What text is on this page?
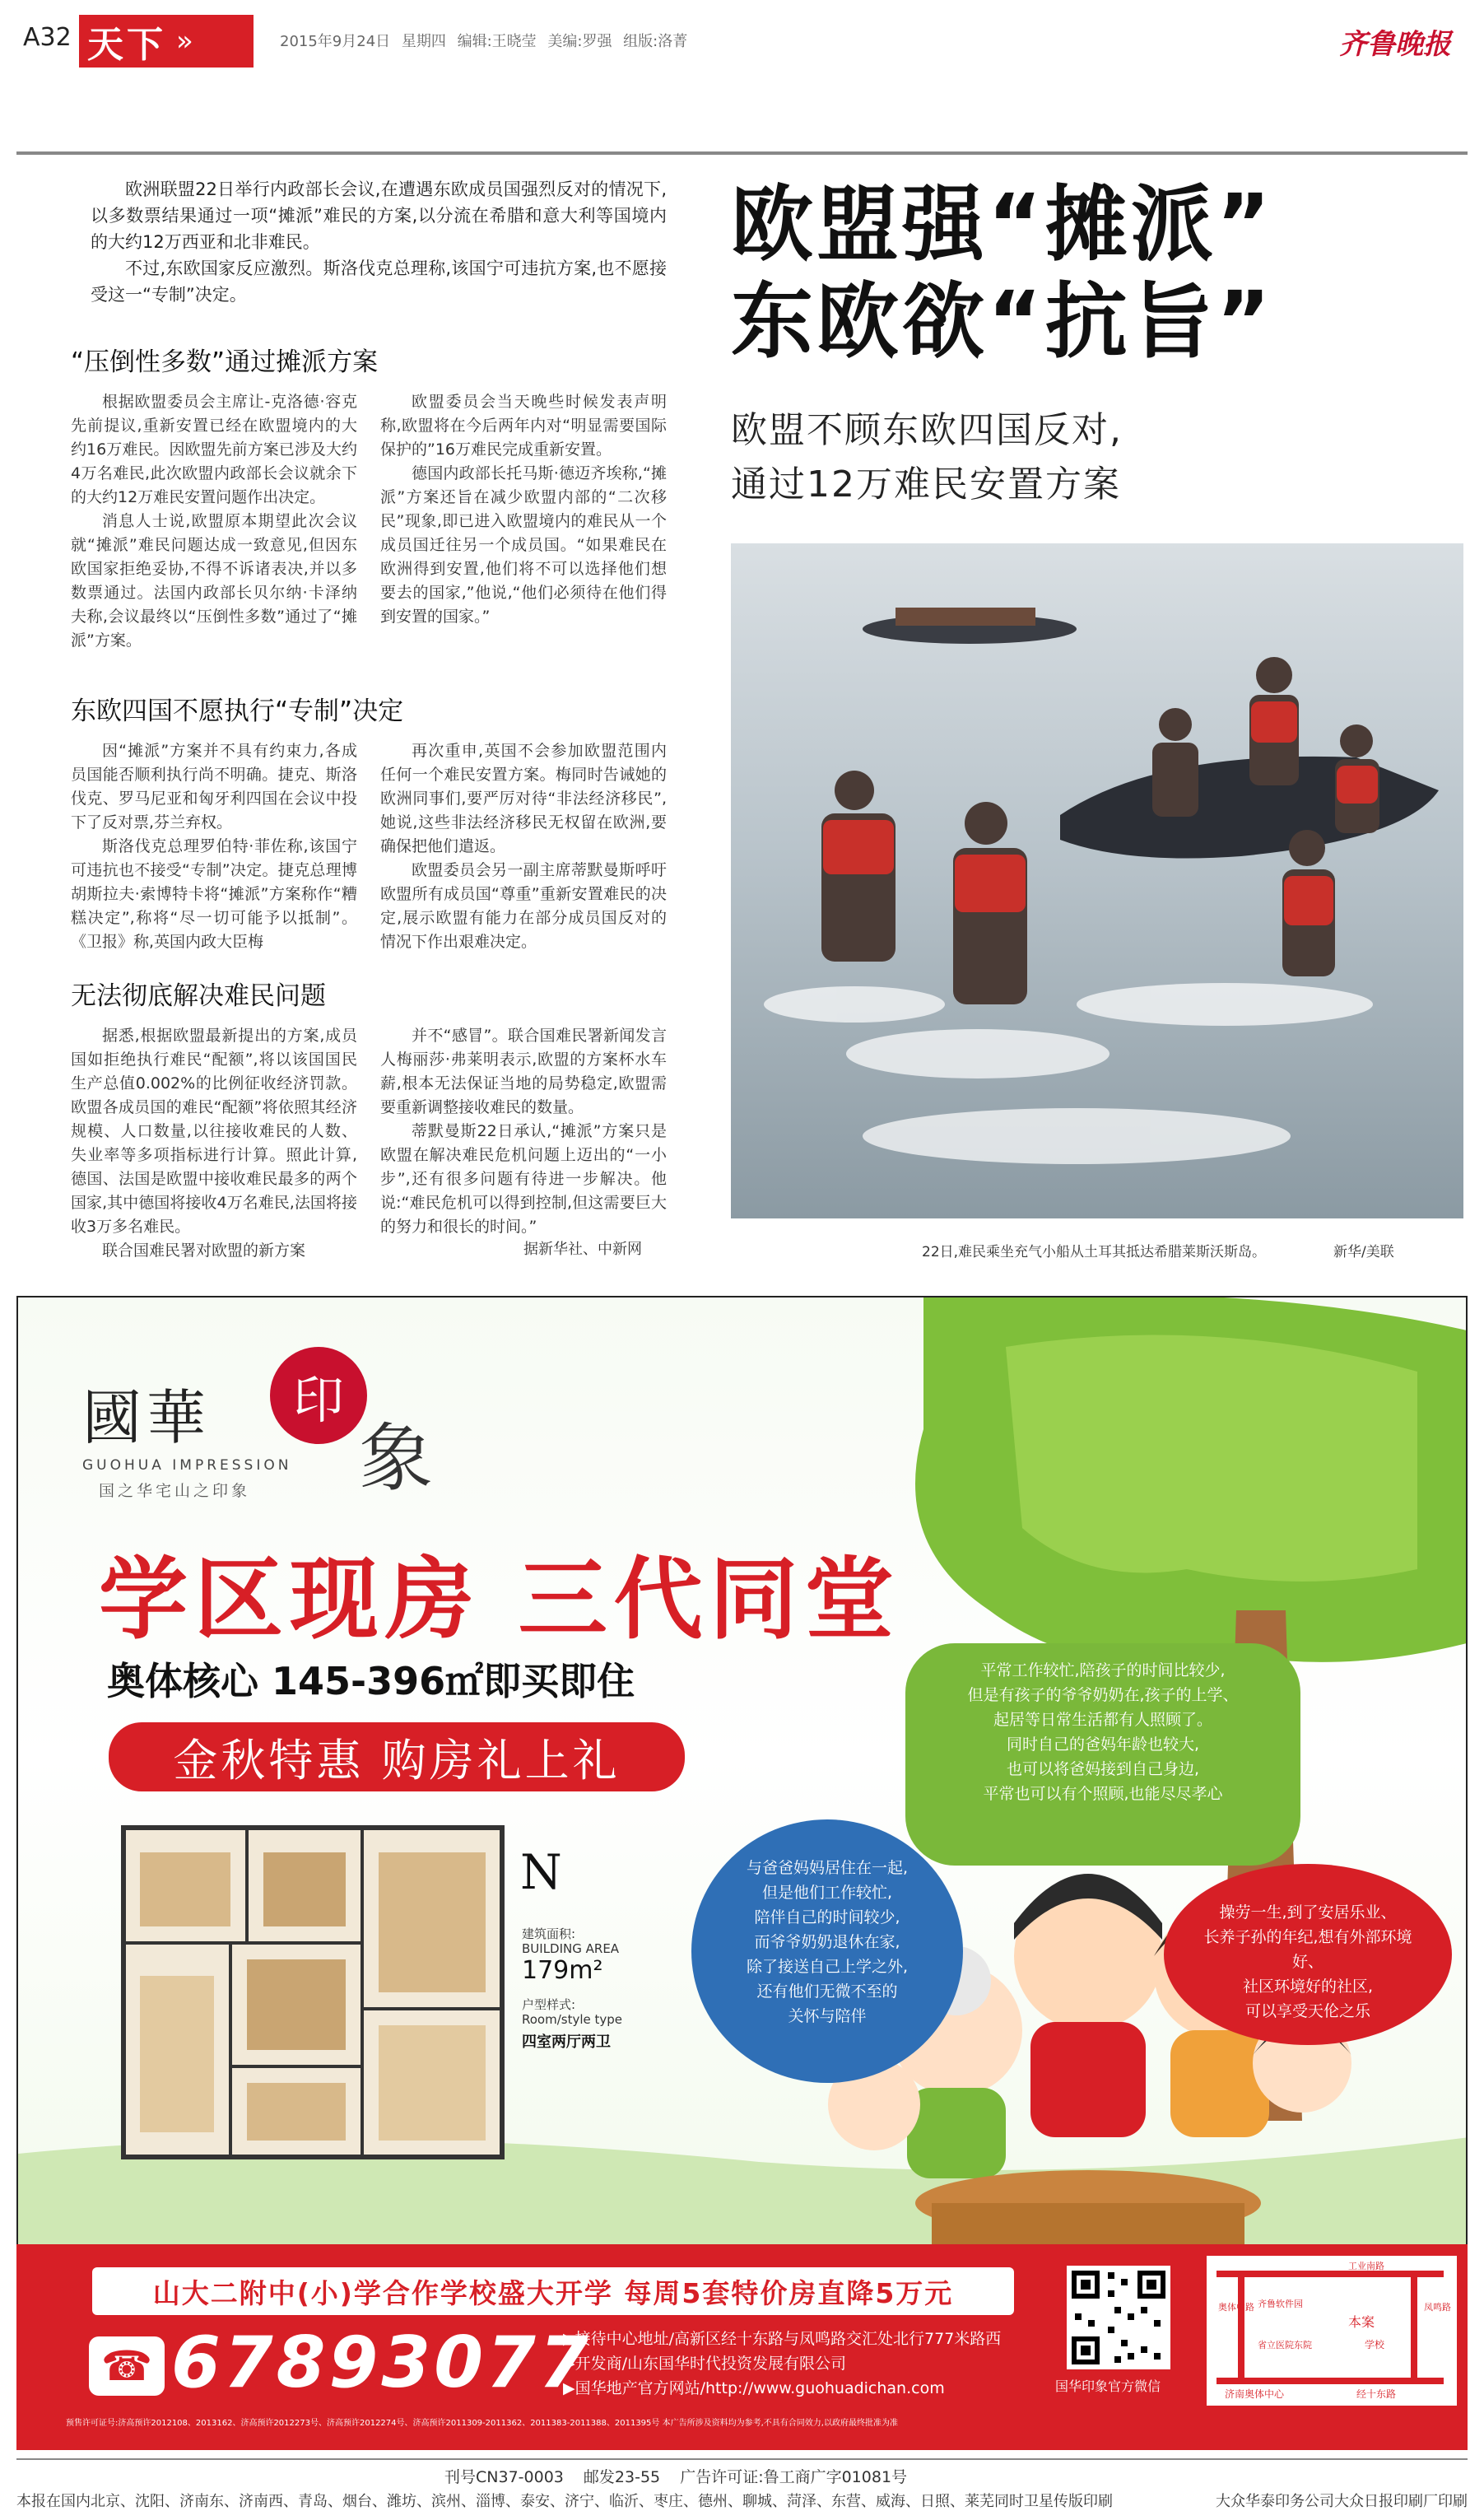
A32 天下 »	2015年9月24日 星期四 编辑:王晓莹 美编:罗强 组版:洛菁	齐鲁晚报

欧洲联盟22日举行内政部长会议,在遭遇东欧成员国强烈反对的情况下,以多数票结果通过一项“摊派”难民的方案,以分流在希腊和意大利等国境内的大约12万西亚和北非难民。

不过,东欧国家反应激烈。斯洛伐克总理称,该国宁可违抗方案,也不愿接受这一“专制”决定。

欧盟强“摊派”
东欧欲“抗旨”
欧盟不顾东欧四国反对,
通过12万难民安置方案
“压倒性多数”通过摊派方案

根据欧盟委员会主席让-克洛德·容克先前提议,重新安置已经在欧盟境内的大约16万难民。因欧盟先前方案已涉及大约4万名难民,此次欧盟内政部长会议就余下的大约12万难民安置问题作出决定。

消息人士说,欧盟原本期望此次会议就“摊派”难民问题达成一致意见,但因东欧国家拒绝妥协,不得不诉诸表决,并以多数票通过。法国内政部长贝尔纳·卡泽纳夫称,会议最终以“压倒性多数”通过了“摊派”方案。

欧盟委员会当天晚些时候发表声明称,欧盟将在今后两年内对“明显需要国际保护的”16万难民完成重新安置。

德国内政部长托马斯·德迈齐埃称,“摊派”方案还旨在减少欧盟内部的“二次移民”现象,即已进入欧盟境内的难民从一个成员国迁往另一个成员国。“如果难民在欧洲得到安置,他们将不可以选择他们想要去的国家,”他说,“他们必须待在他们得到安置的国家。”

东欧四国不愿执行“专制”决定

因“摊派”方案并不具有约束力,各成员国能否顺利执行尚不明确。捷克、斯洛伐克、罗马尼亚和匈牙利四国在会议中投下了反对票,芬兰弃权。

斯洛伐克总理罗伯特·菲佐称,该国宁可违抗也不接受“专制”决定。捷克总理博胡斯拉夫·索博特卡将“摊派”方案称作“糟糕决定”,称将“尽一切可能予以抵制”。《卫报》称,英国内政大臣梅

再次重申,英国不会参加欧盟范围内任何一个难民安置方案。梅同时告诫她的欧洲同事们,要严厉对待“非法经济移民”,她说,这些非法经济移民无权留在欧洲,要确保把他们遣返。

欧盟委员会另一副主席蒂默曼斯呼吁欧盟所有成员国“尊重”重新安置难民的决定,展示欧盟有能力在部分成员国反对的情况下作出艰难决定。

无法彻底解决难民问题

据悉,根据欧盟最新提出的方案,成员国如拒绝执行难民“配额”,将以该国国民生产总值0.002%的比例征收经济罚款。欧盟各成员国的难民“配额”将依照其经济规模、人口数量,以往接收难民的人数、失业率等多项指标进行计算。照此计算,德国、法国是欧盟中接收难民最多的两个国家,其中德国将接收4万名难民,法国将接收3万多名难民。

联合国难民署对欧盟的新方案

并不“感冒”。联合国难民署新闻发言人梅丽莎·弗莱明表示,欧盟的方案杯水车薪,根本无法保证当地的局势稳定,欧盟需要重新调整接收难民的数量。

蒂默曼斯22日承认,“摊派”方案只是欧盟在解决难民危机问题上迈出的“一小步”,还有很多问题有待进一步解决。他说:“难民危机可以得到控制,但这需要巨大的努力和很长的时间。”

据新华社、中新网	22日,难民乘坐充气小船从土耳其抵达希腊莱斯沃斯岛。	新华/美联
國華	印
象
GUOHUA IMPRESSION
国之华宅山之印象
学区现房 三代同堂
奥体核心 145-396㎡即买即住
金秋特惠 购房礼上礼
N
建筑面积:
BUILDING AREA
179m²
户型样式:
Room/style type
四室两厅两卫

平常工作较忙,陪孩子的时间比较少,

但是有孩子的爷爷奶奶在,孩子的上学、

起居等日常生活都有人照顾了。

同时自己的爸妈年龄也较大,

也可以将爸妈接到自己身边,

平常也可以有个照顾,也能尽尽孝心

与爸爸妈妈居住在一起,

但是他们工作较忙,

陪伴自己的时间较少,

而爷爷奶奶退休在家,

除了接送自己上学之外,

还有他们无微不至的

关怀与陪伴

操劳一生,到了安居乐业、

长养子孙的年纪,想有外部环境好、

社区环境好的社区,

可以享受天伦之乐

山大二附中(小)学合作学校盛大开学 每周5套特价房直降5万元
☎ 67893077
▶接待中心地址/高新区经十东路与凤鸣路交汇处北行777米路西
▶开发商/山东国华时代投资发展有限公司
▶国华地产官方网站/http://www.guohuadichan.com	国华印象官方微信
工业南路
凤鸣路
奥体中路
济南奥体中心	经十东路
齐鲁软件园
省立医院东院
本案
学校
预售许可证号:济高预许2012108、2013162、济高预许2012273号、济高预许2012274号、济高预许2011309-2011362、2011383-2011388、2011395号 本广告所涉及资料均为参考,不具有合同效力,以政府最终批准为准
刊号CN37-0003 邮发23-55 广告许可证:鲁工商广字01081号
本报在国内北京、沈阳、济南东、济南西、青岛、烟台、潍坊、滨州、淄博、泰安、济宁、临沂、枣庄、德州、聊城、菏泽、东营、威海、日照、莱芜同时卫星传版印刷	大众华泰印务公司大众日报印刷厂印刷
